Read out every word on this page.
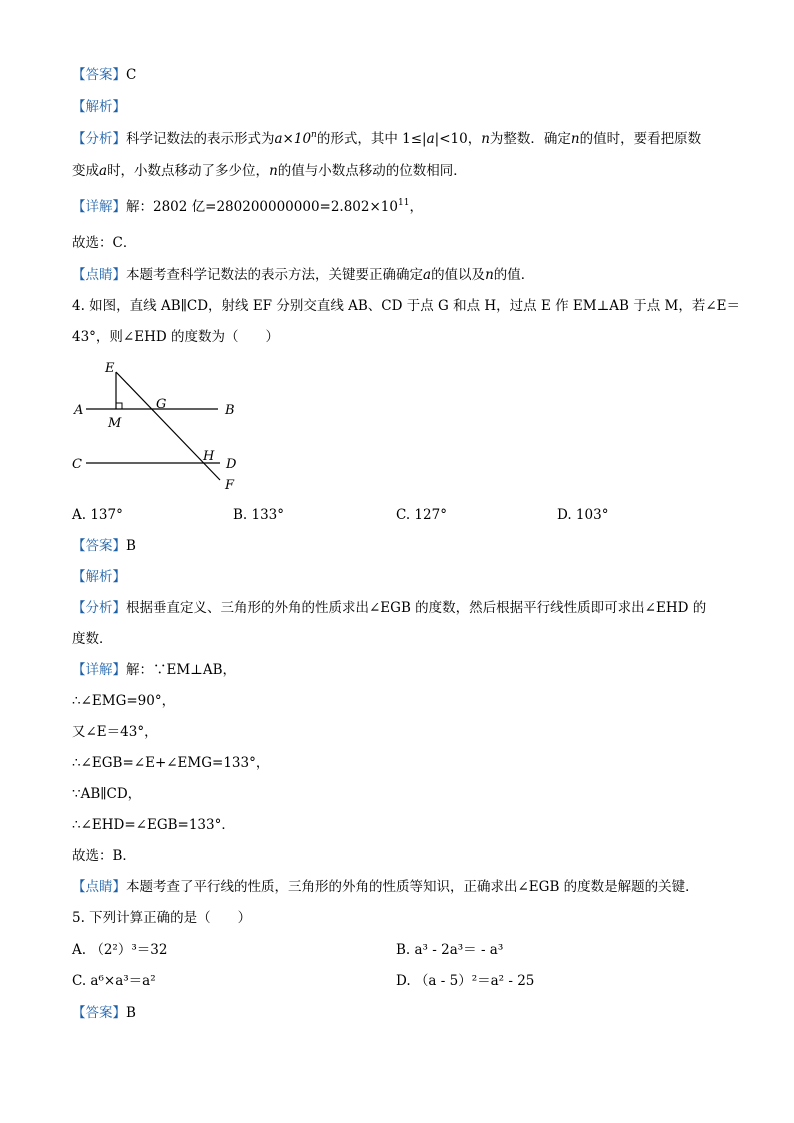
【答案】C
【解析】
【分析】科学记数法的表示形式为$a\times 10^n$的形式，其中 1≤|a|<10，n为整数．确定n的值时，要看把原数
变成a时，小数点移动了多少位，n的值与小数点移动的位数相同．
【详解】解：2802 亿$=280200000000=2.802\times 10^{11}$，
故选：C．
【点睛】本题考查科学记数法的表示方法，关键要正确确定a的值以及n的值．
4. 如图，直线 AB∥CD，射线 EF 分别交直线 AB、CD 于点 G 和点 H，过点 E 作 EM⊥AB 于点 M，若∠E＝
43°，则∠EHD 的度数为（　　）
E
A
M
G	B
C
H
D
F
A. 137°	B. 133°	C. 127°	D. 103°
【答案】B
【解析】
【分析】根据垂直定义、三角形的外角的性质求出∠EGB 的度数，然后根据平行线性质即可求出∠EHD 的
度数．
【详解】解：∵EM⊥AB，
∴∠EMG=90°，
又∠E＝43°，
∴∠EGB=∠E+∠EMG=133°，
∵AB∥CD，
∴∠EHD=∠EGB=133°．
故选：B．
【点睛】本题考查了平行线的性质，三角形的外角的性质等知识，正确求出∠EGB 的度数是解题的关键．
5. 下列计算正确的是（　　）
A. （2²）³＝32	B. a³ - 2a³＝ - a³
C. a⁶×a³＝a²	D. （a - 5）²＝a² - 25
【答案】B
